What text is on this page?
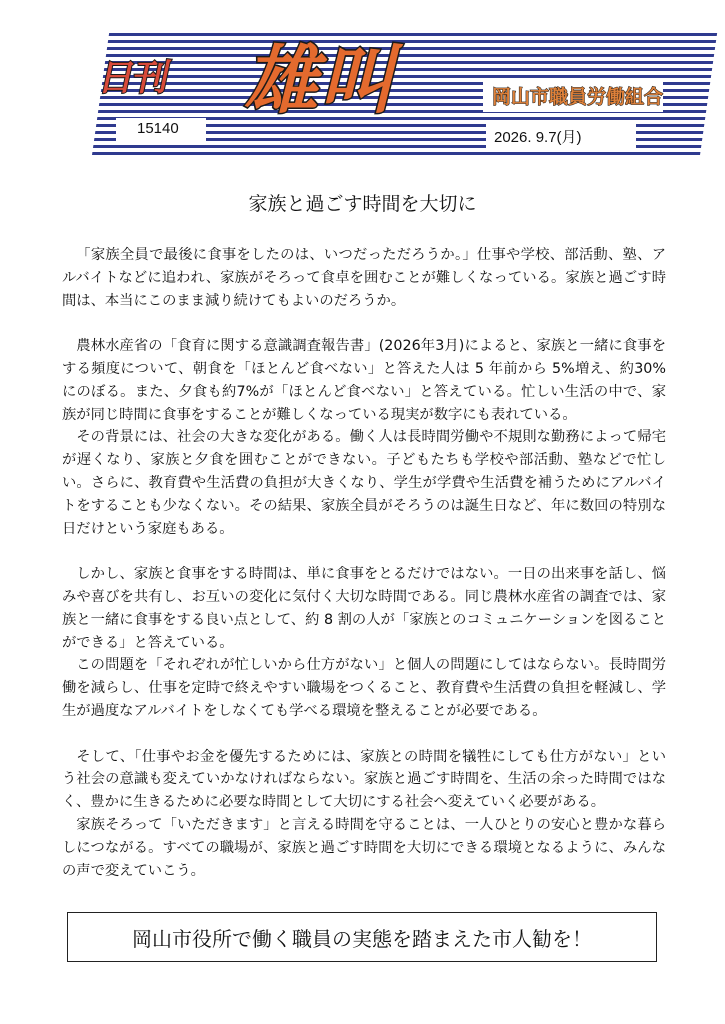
日刊 雄叫	岡山市職員労働組合
15140
2026. 9.7(月)
家族と過ごす時間を大切に

「家族全員で最後に食事をしたのは、いつだっただろうか。」仕事や学校、部活動、塾、アルバイトなどに追われ、家族がそろって食卓を囲むことが難しくなっている。家族と過ごす時間は、本当にこのまま減り続けてもよいのだろうか。

農林水産省の「食育に関する意識調査報告書」(2026年3月)によると、家族と一緒に食事をする頻度について、朝食を「ほとんど食べない」と答えた人は 5 年前から 5%増え、約30%にのぼる。また、夕食も約7%が「ほとんど食べない」と答えている。忙しい生活の中で、家族が同じ時間に食事をすることが難しくなっている現実が数字にも表れている。

その背景には、社会の大きな変化がある。働く人は長時間労働や不規則な勤務によって帰宅が遅くなり、家族と夕食を囲むことができない。子どもたちも学校や部活動、塾などで忙しい。さらに、教育費や生活費の負担が大きくなり、学生が学費や生活費を補うためにアルバイトをすることも少なくない。その結果、家族全員がそろうのは誕生日など、年に数回の特別な日だけという家庭もある。

しかし、家族と食事をする時間は、単に食事をとるだけではない。一日の出来事を話し、悩みや喜びを共有し、お互いの変化に気付く大切な時間である。同じ農林水産省の調査では、家族と一緒に食事をする良い点として、約 8 割の人が「家族とのコミュニケーションを図ることができる」と答えている。

この問題を「それぞれが忙しいから仕方がない」と個人の問題にしてはならない。長時間労働を減らし、仕事を定時で終えやすい職場をつくること、教育費や生活費の負担を軽減し、学生が過度なアルバイトをしなくても学べる環境を整えることが必要である。

そして、「仕事やお金を優先するためには、家族との時間を犠牲にしても仕方がない」という社会の意識も変えていかなければならない。家族と過ごす時間を、生活の余った時間ではなく、豊かに生きるために必要な時間として大切にする社会へ変えていく必要がある。

家族そろって「いただきます」と言える時間を守ることは、一人ひとりの安心と豊かな暮らしにつながる。すべての職場が、家族と過ごす時間を大切にできる環境となるように、みんなの声で変えていこう。

岡山市役所で働く職員の実態を踏まえた市人勧を！
